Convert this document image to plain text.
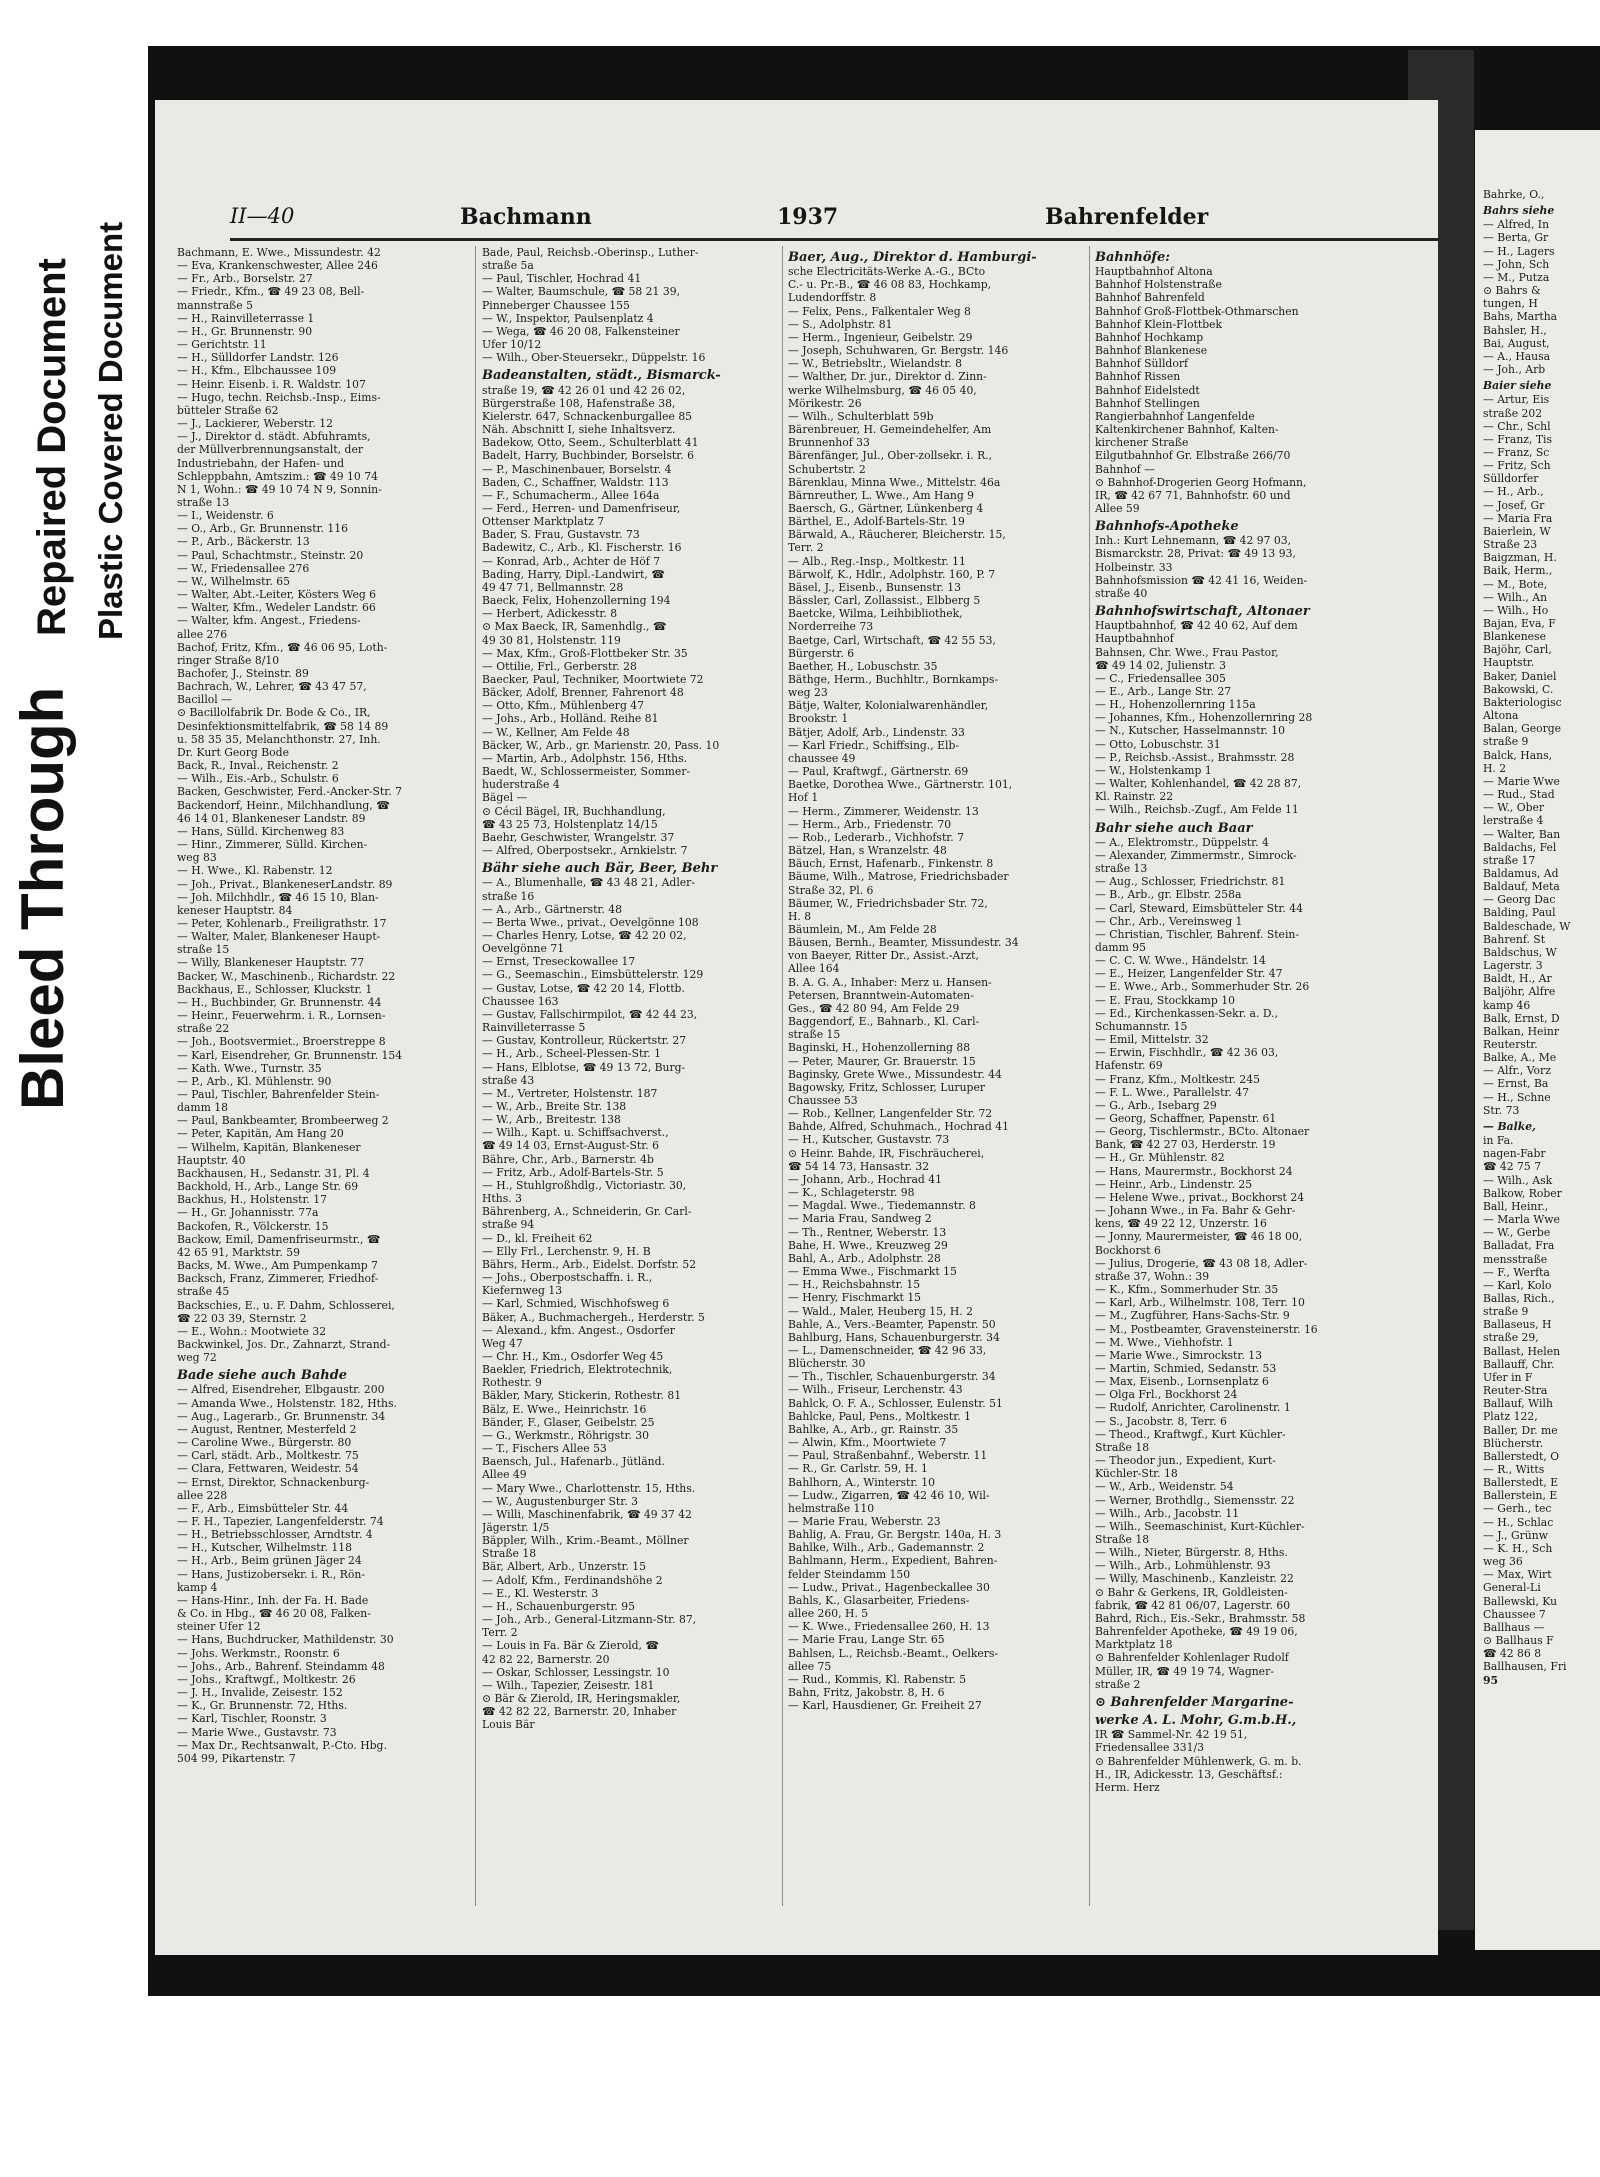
Bleed Through
Repaired Document Plastic Covered Document
II—40	Bachmann	1937	Bahrenfelder
Bachmann, E. Wwe., Missundestr. 42
— Eva, Krankenschwester, Allee 246
— Fr., Arb., Borselstr. 27
— Friedr., Kfm., ☎ 49 23 08, Bell-
mannstraße 5
— H., Rainvilleterrasse 1
— H., Gr. Brunnenstr. 90
— Gerichtstr. 11
— H., Sülldorfer Landstr. 126
— H., Kfm., Elbchaussee 109
— Heinr. Eisenb. i. R. Waldstr. 107
— Hugo, techn. Reichsb.-Insp., Eims-
bütteler Straße 62
— J., Lackierer, Weberstr. 12
— J., Direktor d. städt. Abfuhramts,
der Müllverbrennungsanstalt, der
Industriebahn, der Hafen- und
Schleppbahn, Amtszim.: ☎ 49 10 74
N 1, Wohn.: ☎ 49 10 74 N 9, Sonnin-
straße 13
— I., Weidenstr. 6
— O., Arb., Gr. Brunnenstr. 116
— P., Arb., Bäckerstr. 13
— Paul, Schachtmstr., Steinstr. 20
— W., Friedensallee 276
— W., Wilhelmstr. 65
— Walter, Abt.-Leiter, Kösters Weg 6
— Walter, Kfm., Wedeler Landstr. 66
— Walter, kfm. Angest., Friedens-
allee 276
Bachof, Fritz, Kfm., ☎ 46 06 95, Loth-
ringer Straße 8/10
Bachofer, J., Steinstr. 89
Bachrach, W., Lehrer, ☎ 43 47 57,
Bacillol —
⊙ Bacillolfabrik Dr. Bode & Co., IR,
Desinfektionsmittelfabrik, ☎ 58 14 89
u. 58 35 35, Melanchthonstr. 27, Inh.
Dr. Kurt Georg Bode
Back, R., Inval., Reichenstr. 2
— Wilh., Eis.-Arb., Schulstr. 6
Backen, Geschwister, Ferd.-Ancker-Str. 7
Backendorf, Heinr., Milchhandlung, ☎
46 14 01, Blankeneser Landstr. 89
— Hans, Sülld. Kirchenweg 83
— Hinr., Zimmerer, Sülld. Kirchen-
weg 83
— H. Wwe., Kl. Rabenstr. 12
— Joh., Privat., BlankeneserLandstr. 89
— Joh. Milchhdlr., ☎ 46 15 10, Blan-
keneser Hauptstr. 84
— Peter, Kohlenarb., Freiligrathstr. 17
— Walter, Maler, Blankeneser Haupt-
straße 15
— Willy, Blankeneser Hauptstr. 77
Backer, W., Maschinenb., Richardstr. 22
Backhaus, E., Schlosser, Kluckstr. 1
— H., Buchbinder, Gr. Brunnenstr. 44
— Heinr., Feuerwehrm. i. R., Lornsen-
straße 22
— Joh., Bootsvermiet., Broerstreppe 8
— Karl, Eisendreher, Gr. Brunnenstr. 154
— Kath. Wwe., Turnstr. 35
— P., Arb., Kl. Mühlenstr. 90
— Paul, Tischler, Bahrenfelder Stein-
damm 18
— Paul, Bankbeamter, Brombeerweg 2
— Peter, Kapitän, Am Hang 20
— Wilhelm, Kapitän, Blankeneser
Hauptstr. 40
Backhausen, H., Sedanstr. 31, Pl. 4
Backhold, H., Arb., Lange Str. 69
Backhus, H., Holstenstr. 17
— H., Gr. Johannisstr. 77a
Backofen, R., Völckerstr. 15
Backow, Emil, Damenfriseurmstr., ☎
42 65 91, Marktstr. 59
Backs, M. Wwe., Am Pumpenkamp 7
Backsch, Franz, Zimmerer, Friedhof-
straße 45
Backschies, E., u. F. Dahm, Schlosserei,
☎ 22 03 39, Sternstr. 2
— E., Wohn.: Mootwiete 32
Backwinkel, Jos. Dr., Zahnarzt, Strand-
weg 72
Bade siehe auch Bahde
— Alfred, Eisendreher, Elbgaustr. 200
— Amanda Wwe., Holstenstr. 182, Hths.
— Aug., Lagerarb., Gr. Brunnenstr. 34
— August, Rentner, Mesterfeld 2
— Caroline Wwe., Bürgerstr. 80
— Carl, städt. Arb., Moltkestr. 75
— Clara, Fettwaren, Weidestr. 54
— Ernst, Direktor, Schnackenburg-
allee 228
— F., Arb., Eimsbütteler Str. 44
— F. H., Tapezier, Langenfelderstr. 74
— H., Betriebsschlosser, Arndtstr. 4
— H., Kutscher, Wilhelmstr. 118
— H., Arb., Beim grünen Jäger 24
— Hans, Justizobersekr. i. R., Rön-
kamp 4
— Hans-Hinr., Inh. der Fa. H. Bade
& Co. in Hbg., ☎ 46 20 08, Falken-
steiner Ufer 12
— Hans, Buchdrucker, Mathildenstr. 30
— Johs. Werkmstr., Roonstr. 6
— Johs., Arb., Bahrenf. Steindamm 48
— Johs., Kraftwgf., Moltkestr. 26
— J. H., Invalide, Zeisestr. 152
— K., Gr. Brunnenstr. 72, Hths.
— Karl, Tischler, Roonstr. 3
— Marie Wwe., Gustavstr. 73
— Max Dr., Rechtsanwalt, P.-Cto. Hbg.
504 99, Pikartenstr. 7
Bade, Paul, Reichsb.-Oberinsp., Luther-
straße 5a
— Paul, Tischler, Hochrad 41
— Walter, Baumschule, ☎ 58 21 39,
Pinneberger Chaussee 155
— W., Inspektor, Paulsenplatz 4
— Wega, ☎ 46 20 08, Falkensteiner
Ufer 10/12
— Wilh., Ober-Steuersekr., Düppelstr. 16
Badeanstalten, städt., Bismarck-
straße 19, ☎ 42 26 01 und 42 26 02,
Bürgerstraße 108, Hafenstraße 38,
Kielerstr. 647, Schnackenburgallee 85
Näh. Abschnitt I, siehe Inhaltsverz.
Badekow, Otto, Seem., Schulterblatt 41
Badelt, Harry, Buchbinder, Borselstr. 6
— P., Maschinenbauer, Borselstr. 4
Baden, C., Schaffner, Waldstr. 113
— F., Schumacherm., Allee 164a
— Ferd., Herren- und Damenfriseur,
Ottenser Marktplatz 7
Bader, S. Frau, Gustavstr. 73
Badewitz, C., Arb., Kl. Fischerstr. 16
— Konrad, Arb., Achter de Höf 7
Bading, Harry, Dipl.-Landwirt, ☎
49 47 71, Bellmannstr. 28
Baeck, Felix, Hohenzollerning 194
— Herbert, Adickesstr. 8
⊙ Max Baeck, IR, Samenhdlg., ☎
49 30 81, Holstenstr. 119
— Max, Kfm., Groß-Flottbeker Str. 35
— Ottilie, Frl., Gerberstr. 28
Baecker, Paul, Techniker, Moortwiete 72
Bäcker, Adolf, Brenner, Fahrenort 48
— Otto, Kfm., Mühlenberg 47
— Johs., Arb., Holländ. Reihe 81
— W., Kellner, Am Felde 48
Bäcker, W., Arb., gr. Marienstr. 20, Pass. 10
— Martin, Arb., Adolphstr. 156, Hths.
Baedt, W., Schlossermeister, Sommer-
huderstraße 4
Bägel —
⊙ Cécil Bägel, IR, Buchhandlung,
☎ 43 25 73, Holstenplatz 14/15
Baehr, Geschwister, Wrangelstr. 37
— Alfred, Oberpostsekr., Arnkielstr. 7
Bähr siehe auch Bär, Beer, Behr
— A., Blumenhalle, ☎ 43 48 21, Adler-
straße 16
— A., Arb., Gärtnerstr. 48
— Berta Wwe., privat., Oevelgönne 108
— Charles Henry, Lotse, ☎ 42 20 02,
Oevelgönne 71
— Ernst, Treseckowallee 17
— G., Seemaschin., Eimsbüttelerstr. 129
— Gustav, Lotse, ☎ 42 20 14, Flottb.
Chaussee 163
— Gustav, Fallschirmpilot, ☎ 42 44 23,
Rainvilleterrasse 5
— Gustav, Kontrolleur, Rückertstr. 27
— H., Arb., Scheel-Plessen-Str. 1
— Hans, Elblotse, ☎ 49 13 72, Burg-
straße 43
— M., Vertreter, Holstenstr. 187
— W., Arb., Breite Str. 138
— W., Arb., Breitestr. 138
— Wilh., Kapt. u. Schiffsachverst.,
☎ 49 14 03, Ernst-August-Str. 6
Bähre, Chr., Arb., Barnerstr. 4b
— Fritz, Arb., Adolf-Bartels-Str. 5
— H., Stuhlgroßhdlg., Victoriastr. 30,
Hths. 3
Bährenberg, A., Schneiderin, Gr. Carl-
straße 94
— D., kl. Freiheit 62
— Elly Frl., Lerchenstr. 9, H. B
Bährs, Herm., Arb., Eidelst. Dorfstr. 52
— Johs., Oberpostschaffn. i. R.,
Kiefernweg 13
— Karl, Schmied, Wischhofsweg 6
Bäker, A., Buchmachergeh., Herderstr. 5
— Alexand., kfm. Angest., Osdorfer
Weg 47
— Chr. H., Km., Osdorfer Weg 45
Baekler, Friedrich, Elektrotechnik,
Rothestr. 9
Bäkler, Mary, Stickerin, Rothestr. 81
Bälz, E. Wwe., Heinrichstr. 16
Bänder, F., Glaser, Geibelstr. 25
— G., Werkmstr., Röhrigstr. 30
— T., Fischers Allee 53
Baensch, Jul., Hafenarb., Jütländ.
Allee 49
— Mary Wwe., Charlottenstr. 15, Hths.
— W., Augustenburger Str. 3
— Willi, Maschinenfabrik, ☎ 49 37 42
Jägerstr. 1/5
Bäppler, Wilh., Krim.-Beamt., Möllner
Straße 18
Bär, Albert, Arb., Unzerstr. 15
— Adolf, Kfm., Ferdinandshöhe 2
— E., Kl. Westerstr. 3
— H., Schauenburgerstr. 95
— Joh., Arb., General-Litzmann-Str. 87,
Terr. 2
— Louis in Fa. Bär & Zierold, ☎
42 82 22, Barnerstr. 20
— Oskar, Schlosser, Lessingstr. 10
— Wilh., Tapezier, Zeisestr. 181
⊙ Bär & Zierold, IR, Heringsmakler,
☎ 42 82 22, Barnerstr. 20, Inhaber
Louis Bär
Baer, Aug., Direktor d. Hamburgi-
sche Electricitäts-Werke A.-G., BCto
C.- u. Pr.-B., ☎ 46 08 83, Hochkamp,
Ludendorffstr. 8
— Felix, Pens., Falkentaler Weg 8
— S., Adolphstr. 81
— Herm., Ingenieur, Geibelstr. 29
— Joseph, Schuhwaren, Gr. Bergstr. 146
— W., Betriebsltr., Wielandstr. 8
— Walther, Dr. jur., Direktor d. Zinn-
werke Wilhelmsburg, ☎ 46 05 40,
Mörikestr. 26
— Wilh., Schulterblatt 59b
Bärenbreuer, H. Gemeindehelfer, Am
Brunnenhof 33
Bärenfänger, Jul., Ober-zollsekr. i. R.,
Schubertstr. 2
Bärenklau, Minna Wwe., Mittelstr. 46a
Bärnreuther, L. Wwe., Am Hang 9
Baersch, G., Gärtner, Lünkenberg 4
Bärthel, E., Adolf-Bartels-Str. 19
Bärwald, A., Räucherer, Bleicherstr. 15,
Terr. 2
— Alb., Reg.-Insp., Moltkestr. 11
Bärwolf, K., Hdlr., Adolphstr. 160, P. 7
Bäsel, J., Eisenb., Bunsenstr. 13
Bässler, Carl, Zollassist., Elbberg 5
Baetcke, Wilma, Leihbibliothek,
Norderreihe 73
Baetge, Carl, Wirtschaft, ☎ 42 55 53,
Bürgerstr. 6
Baether, H., Lobuschstr. 35
Bäthge, Herm., Buchhltr., Bornkamps-
weg 23
Bätje, Walter, Kolonialwarenhändler,
Brookstr. 1
Bätjer, Adolf, Arb., Lindenstr. 33
— Karl Friedr., Schiffsing., Elb-
chaussee 49
— Paul, Kraftwgf., Gärtnerstr. 69
Baetke, Dorothea Wwe., Gärtnerstr. 101,
Hof 1
— Herm., Zimmerer, Weidenstr. 13
— Herm., Arb., Friedenstr. 70
— Rob., Lederarb., Vichhofstr. 7
Bätzel, Han, s Wranzelstr. 48
Bäuch, Ernst, Hafenarb., Finkenstr. 8
Bäume, Wilh., Matrose, Friedrichsbader
Straße 32, Pl. 6
Bäumer, W., Friedrichsbader Str. 72,
H. 8
Bäumlein, M., Am Felde 28
Bäusen, Bernh., Beamter, Missundestr. 34
von Baeyer, Ritter Dr., Assist.-Arzt,
Allee 164
B. A. G. A., Inhaber: Merz u. Hansen-
Petersen, Branntwein-Automaten-
Ges., ☎ 42 80 94, Am Felde 29
Baggendorf, E., Bahnarb., Kl. Carl-
straße 15
Baginski, H., Hohenzollerning 88
— Peter, Maurer, Gr. Brauerstr. 15
Baginsky, Grete Wwe., Missundestr. 44
Bagowsky, Fritz, Schlosser, Luruper
Chaussee 53
— Rob., Kellner, Langenfelder Str. 72
Bahde, Alfred, Schuhmach., Hochrad 41
— H., Kutscher, Gustavstr. 73
⊙ Heinr. Bahde, IR, Fischräucherei,
☎ 54 14 73, Hansastr. 32
— Johann, Arb., Hochrad 41
— K., Schlageterstr. 98
— Magdal. Wwe., Tiedemannstr. 8
— Maria Frau, Sandweg 2
— Th., Rentner, Weberstr. 13
Bahe, H. Wwe., Kreuzweg 29
Bahl, A., Arb., Adolphstr. 28
— Emma Wwe., Fischmarkt 15
— H., Reichsbahnstr. 15
— Henry, Fischmarkt 15
— Wald., Maler, Heuberg 15, H. 2
Bahle, A., Vers.-Beamter, Papenstr. 50
Bahlburg, Hans, Schauenburgerstr. 34
— L., Damenschneider, ☎ 42 96 33,
Blücherstr. 30
— Th., Tischler, Schauenburgerstr. 34
— Wilh., Friseur, Lerchenstr. 43
Bahlck, O. F. A., Schlosser, Eulenstr. 51
Bahlcke, Paul, Pens., Moltkestr. 1
Bahlke, A., Arb., gr. Rainstr. 35
— Alwin, Kfm., Moortwiete 7
— Paul, Straßenbahnf., Weberstr. 11
— R., Gr. Carlstr. 59, H. 1
Bahlhorn, A., Winterstr. 10
— Ludw., Zigarren, ☎ 42 46 10, Wil-
helmstraße 110
— Marie Frau, Weberstr. 23
Bahlig, A. Frau, Gr. Bergstr. 140a, H. 3
Bahlke, Wilh., Arb., Gademannstr. 2
Bahlmann, Herm., Expedient, Bahren-
felder Steindamm 150
— Ludw., Privat., Hagenbeckallee 30
Bahls, K., Glasarbeiter, Friedens-
allee 260, H. 5
— K. Wwe., Friedensallee 260, H. 13
— Marie Frau, Lange Str. 65
Bahlsen, L., Reichsb.-Beamt., Oelkers-
allee 75
— Rud., Kommis, Kl. Rabenstr. 5
Bahn, Fritz, Jakobstr. 8, H. 6
— Karl, Hausdiener, Gr. Freiheit 27
Bahnhöfe:
Hauptbahnhof Altona
Bahnhof Holstenstraße
Bahnhof Bahrenfeld
Bahnhof Groß-Flottbek-Othmarschen
Bahnhof Klein-Flottbek
Bahnhof Hochkamp
Bahnhof Blankenese
Bahnhof Sülldorf
Bahnhof Rissen
Bahnhof Eidelstedt
Bahnhof Stellingen
Rangierbahnhof Langenfelde
Kaltenkirchener Bahnhof, Kalten-
kirchener Straße
Eilgutbahnhof Gr. Elbstraße 266/70
Bahnhof —
⊙ Bahnhof-Drogerien Georg Hofmann,
IR, ☎ 42 67 71, Bahnhofstr. 60 und
Allee 59
Bahnhofs-Apotheke
Inh.: Kurt Lehnemann, ☎ 42 97 03,
Bismarckstr. 28, Privat: ☎ 49 13 93,
Holbeinstr. 33
Bahnhofsmission ☎ 42 41 16, Weiden-
straße 40
Bahnhofswirtschaft, Altonaer
Hauptbahnhof, ☎ 42 40 62, Auf dem
Hauptbahnhof
Bahnsen, Chr. Wwe., Frau Pastor,
☎ 49 14 02, Julienstr. 3
— C., Friedensallee 305
— E., Arb., Lange Str. 27
— H., Hohenzollernring 115a
— Johannes, Kfm., Hohenzollernring 28
— N., Kutscher, Hasselmannstr. 10
— Otto, Lobuschstr. 31
— P., Reichsb.-Assist., Brahmsstr. 28
— W., Holstenkamp 1
— Walter, Kohlenhandel, ☎ 42 28 87,
Kl. Rainstr. 22
— Wilh., Reichsb.-Zugf., Am Felde 11
Bahr siehe auch Baar
— A., Elektromstr., Düppelstr. 4
— Alexander, Zimmermstr., Simrock-
straße 13
— Aug., Schlosser, Friedrichstr. 81
— B., Arb., gr. Elbstr. 258a
— Carl, Steward, Eimsbütteler Str. 44
— Chr., Arb., Vereinsweg 1
— Christian, Tischler, Bahrenf. Stein-
damm 95
— C. C. W. Wwe., Händelstr. 14
— E., Heizer, Langenfelder Str. 47
— E. Wwe., Arb., Sommerhuder Str. 26
— E. Frau, Stockkamp 10
— Ed., Kirchenkassen-Sekr. a. D.,
Schumannstr. 15
— Emil, Mittelstr. 32
— Erwin, Fischhdlr., ☎ 42 36 03,
Hafenstr. 69
— Franz, Kfm., Moltkestr. 245
— F. L. Wwe., Parallelstr. 47
— G., Arb., Isebarg 29
— Georg, Schaffner, Papenstr. 61
— Georg, Tischlermstr., BCto. Altonaer
Bank, ☎ 42 27 03, Herderstr. 19
— H., Gr. Mühlenstr. 82
— Hans, Maurermstr., Bockhorst 24
— Heinr., Arb., Lindenstr. 25
— Helene Wwe., privat., Bockhorst 24
— Johann Wwe., in Fa. Bahr & Gehr-
kens, ☎ 49 22 12, Unzerstr. 16
— Jonny, Maurermeister, ☎ 46 18 00,
Bockhorst 6
— Julius, Drogerie, ☎ 43 08 18, Adler-
straße 37, Wohn.: 39
— K., Kfm., Sommerhuder Str. 35
— Karl, Arb., Wilhelmstr. 108, Terr. 10
— M., Zugführer, Hans-Sachs-Str. 9
— M., Postbeamter, Gravensteinerstr. 16
— M. Wwe., Viehhofstr. 1
— Marie Wwe., Simrockstr. 13
— Martin, Schmied, Sedanstr. 53
— Max, Eisenb., Lornsenplatz 6
— Olga Frl., Bockhorst 24
— Rudolf, Anrichter, Carolinenstr. 1
— S., Jacobstr. 8, Terr. 6
— Theod., Kraftwgf., Kurt Küchler-
Straße 18
— Theodor jun., Expedient, Kurt-
Küchler-Str. 18
— W., Arb., Weidenstr. 54
— Werner, Brothdlg., Siemensstr. 22
— Wilh., Arb., Jacobstr. 11
— Wilh., Seemaschinist, Kurt-Küchler-
Straße 18
— Wilh., Nieter, Bürgerstr. 8, Hths.
— Wilh., Arb., Lohmühlenstr. 93
— Willy, Maschinenb., Kanzleistr. 22
⊙ Bahr & Gerkens, IR, Goldleisten-
fabrik, ☎ 42 81 06/07, Lagerstr. 60
Bahrd, Rich., Eis.-Sekr., Brahmsstr. 58
Bahrenfelder Apotheke, ☎ 49 19 06,
Marktplatz 18
⊙ Bahrenfelder Kohlenlager Rudolf
Müller, IR, ☎ 49 19 74, Wagner-
straße 2
⊙ Bahrenfelder Margarine-
werke A. L. Mohr, G.m.b.H.,
IR ☎ Sammel-Nr. 42 19 51,
Friedensallee 331/3
⊙ Bahrenfelder Mühlenwerk, G. m. b.
H., IR, Adickesstr. 13, Geschäftsf.:
Herm. Herz
Bahrke, O.,
Bahrs siehe
— Alfred, In
— Berta, Gr
— H., Lagers
— John, Sch
— M., Putza
⊙ Bahrs &
tungen, H
Bahs, Martha
Bahsler, H.,
Bai, August,
— A., Hausa
— Joh., Arb
Baier siehe
— Artur, Eis
straße 202
— Chr., Schl
— Franz, Tis
— Franz, Sc
— Fritz, Sch
Sülldorfer
— H., Arb.,
— Josef, Gr
— Maria Fra
Baierlein, W
Straße 23
Baigzman, H.
Baik, Herm.,
— M., Bote,
— Wilh., An
— Wilh., Ho
Bajan, Eva, F
Blankenese
Bajöhr, Carl,
Hauptstr.
Baker, Daniel
Bakowski, C.
Bakteriologisc
Altona
Balan, George
straße 9
Balck, Hans,
H. 2
— Marie Wwe
— Rud., Stad
— W., Ober
lerstraße 4
— Walter, Ban
Baldachs, Fel
straße 17
Baldamus, Ad
Baldauf, Meta
— Georg Dac
Balding, Paul
Baldeschade, W
Bahrenf. St
Baldschus, W
Lagerstr. 3
Baldt, H., Ar
Baljöhr, Alfre
kamp 46
Balk, Ernst, D
Balkan, Heinr
Reuterstr.
Balke, A., Me
— Alfr., Vorz
— Ernst, Ba
— H., Schne
Str. 73
— Balke,
in Fa.
nagen-Fabr
☎ 42 75 7
— Wilh., Ask
Balkow, Rober
Ball, Heinr.,
— Marla Wwe
— W., Gerbe
Balladat, Fra
mensstraße
— F., Werfta
— Karl, Kolo
Ballas, Rich.,
straße 9
Ballaseus, H
straße 29,
Ballast, Helen
Ballauff, Chr.
Ufer in F
Reuter-Stra
Ballauf, Wilh
Platz 122,
Baller, Dr. me
Blücherstr.
Ballerstedt, O
— R., Witts
Ballerstedt, E
Ballerstein, E
— Gerh., tec
— H., Schlac
— J., Grünw
— K. H., Sch
weg 36
— Max, Wirt
General-Li
Ballewski, Ku
Chaussee 7
Ballhaus —
⊙ Ballhaus F
☎ 42 86 8
Ballhausen, Fri
95
